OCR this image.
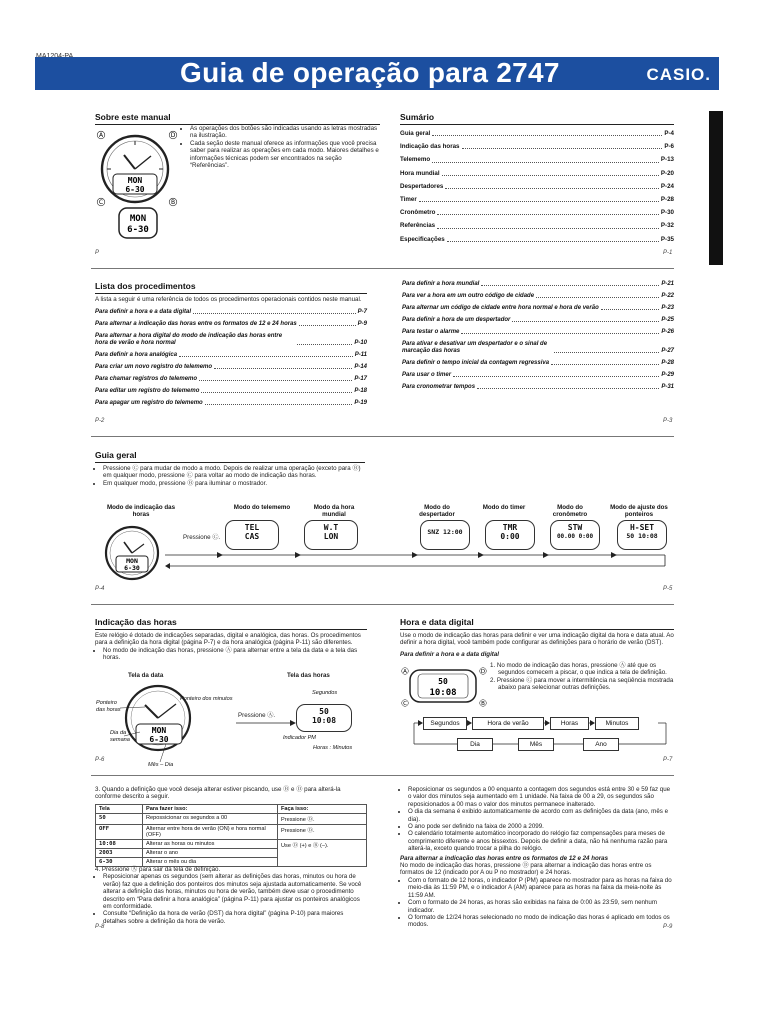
Guia de operação para 2747	CASIO.
Sobre este manual
MON
6-30
MON
6-30
A	D
C	B
• As operações dos botões são indicadas usando as letras mostradas na ilustração.
• Cada seção deste manual oferece as informações que você precisa saber para realizar as operações em cada modo. Maiores detalhes e informações técnicas podem ser encontrados na seção “Referências”.
P
Sumário
Guia geral	P-4
Indicação das horas	P-6
Telememo	P-13
Hora mundial	P-20
Despertadores	P-24
Timer	P-28
Cronômetro	P-30
Referências	P-32
Especificações	P-35
P-1
Lista dos procedimentos
A lista a seguir é uma referência de todos os procedimentos operacionais contidos neste manual.
Para definir a hora e a data digital	P-7
Para alternar a indicação das horas entre os formatos de 12 e 24 horas	P-9
Para alternar a hora digital do modo de indicação das horas entre hora de verão e hora normal	P-10
Para definir a hora analógica	P-11
Para criar um novo registro do telememo	P-14
Para chamar registros do telememo	P-17
Para editar um registro do telememo	P-18
Para apagar um registro do telememo	P-19
P-2
Para definir a hora mundial	P-21
Para ver a hora em um outro código de cidade	P-22
Para alternar um código de cidade entre hora normal e hora de verão	P-23
Para definir a hora de um despertador	P-25
Para testar o alarme	P-26
Para ativar e desativar um despertador e o sinal de marcação das horas	P-27
Para definir o tempo inicial da contagem regressiva	P-28
Para usar o timer	P-29
Para cronometrar tempos	P-31
P-3
Guia geral
• Pressione Ⓒ para mudar de modo a modo. Depois de realizar uma operação (exceto para Ⓑ) em qualquer modo, pressione Ⓒ para voltar ao modo de indicação das horas.
• Em qualquer modo, pressione Ⓑ para iluminar o mostrador.
Modo de indicação das horas
Modo do telememo	Modo da hora mundial
Modo do despertador
Modo do timer	Modo do cronômetro
Modo de ajuste dos ponteiros
MON
6-30
Pressione Ⓒ.
TEL
CAS
W.T
LON	SNZ 12:00	TMR
0:00
STW
00.00 0:00
H-SET
50 10:08
P-4	P-5
Indicação das horas
Este relógio é dotado de indicações separadas, digital e analógica, das horas. Os procedimentos para a definição da hora digital (página P-7) e da hora analógica (página P-11) são diferentes.
• No modo de indicação das horas, pressione Ⓐ para alternar entre a tela da data e a tela das horas.
Tela da data	Tela das horas
MON
6-30
Ponteiro das horas
Ponteiro dos minutos
Dia da semana
Mês – Dia
Pressione Ⓐ.
Segundos
50
10:08
Indicador PM
Horas : Minutos
P-6
Hora e data digital
Use o modo de indicação das horas para definir e ver uma indicação digital da hora e data atual. Ao definir a hora digital, você também pode configurar as definições para o horário de verão (DST).
Para definir a hora e a data digital
50
10:08
A	D
C	B
1. No modo de indicação das horas, pressione Ⓐ até que os segundos comecem a piscar, o que indica a tela de definição.
2. Pressione Ⓒ para mover a intermitência na seqüência mostrada abaixo para selecionar outras definições.
Segundos	Hora de verão	Horas	Minutos
Dia	Mês	Ano
P-7
3. Quando a definição que você deseja alterar estiver piscando, use Ⓑ e Ⓓ para alterá-la conforme descrito a seguir.
Tela	Para fazer isso:	Faça isso:
50	Repossicionar os segundos a 00	Pressione Ⓓ.
OFF	Alternar entre hora de verão (ON) e hora normal (OFF)	Pressione Ⓓ.
10:08	Alterar as horas ou minutos	Use Ⓓ (+) e Ⓑ (–).
2003	Alterar o ano	
6-30	Alterar o mês ou dia	
4. Pressione Ⓐ para sair da tela de definição.
• Reposicionar apenas os segundos (sem alterar as definições das horas, minutos ou hora de verão) faz que a definição dos ponteiros dos minutos seja ajustada automaticamente. Se você alterar a definição das horas, minutos ou hora de verão, também deve usar o procedimento descrito em “Para definir a hora analógica” (página P-11) para ajustar os ponteiros analógicos em conformidade.
• Consulte “Definição da hora de verão (DST) da hora digital” (página P-10) para maiores detalhes sobre a definição da hora de verão.
P-8
• Reposicionar os segundos a 00 enquanto a contagem dos segundos está entre 30 e 59 faz que o valor dos minutos seja aumentado em 1 unidade. Na faixa de 00 a 29, os segundos são reposicionados a 00 mas o valor dos minutos permanece inalterado.
• O dia da semana é exibido automaticamente de acordo com as definições da data (ano, mês e dia).
• O ano pode ser definido na faixa de 2000 a 2099.
• O calendário totalmente automático incorporado do relógio faz compensações para meses de comprimento diferente e anos bissextos. Depois de definir a data, não há nenhuma razão para alterá-la, exceto quando trocar a pilha do relógio.
Para alternar a indicação das horas entre os formatos de 12 e 24 horas
No modo de indicação das horas, pressione Ⓓ para alternar a indicação das horas entre os formatos de 12 (indicado por A ou P no mostrador) e 24 horas.
• Com o formato de 12 horas, o indicador P (PM) aparece no mostrador para as horas na faixa do meio-dia às 11:59 PM, e o indicador A (AM) aparece para as horas na faixa da meia-noite às 11:59 AM.
• Com o formato de 24 horas, as horas são exibidas na faixa de 0:00 às 23:59, sem nenhum indicador.
• O formato de 12/24 horas selecionado no modo de indicação das horas é aplicado em todos os modos.	P-9
